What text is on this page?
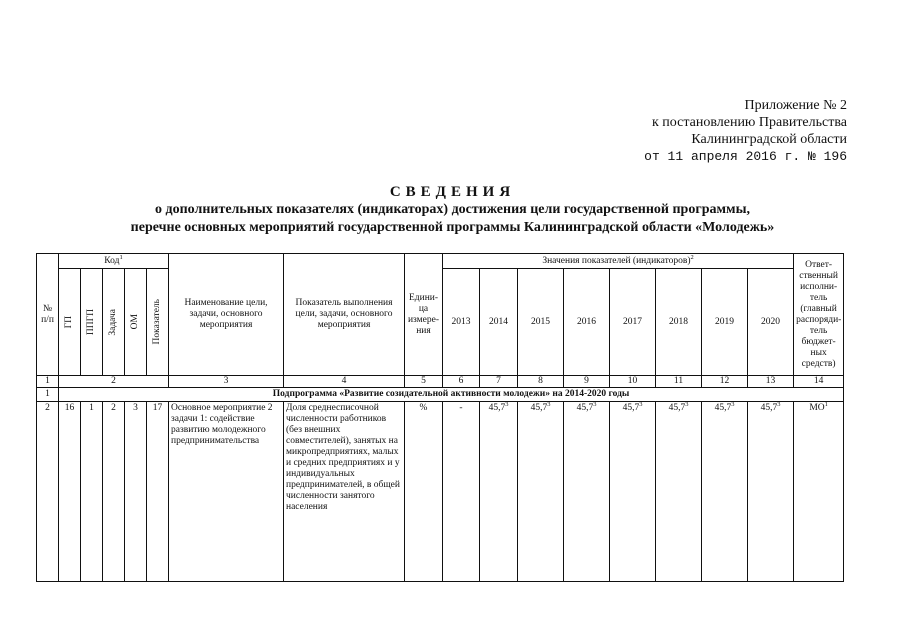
Приложение № 2
к постановлению Правительства
Калининградской области
от 11 апреля 2016 г. № 196
СВЕДЕНИЯ
о дополнительных показателях (индикаторах) достижения цели государственной программы,
перечне основных мероприятий государственной программы Калининградской области «Молодежь»
№ п/п	Код$^1$					Наименование цели, задачи, основного мероприятия	Показатель выполнения цели, задачи, основного мероприятия	Едини-ца измере-ния	Значения показателей (индикаторов)$^2$								Ответ-ственный исполни-тель (главный распоряди-тель бюджет-ных средств)

	ГП	ППГП	Задача	ОМ	Показатель				2013	2014	2015	2016	2017	2018	2019	2020	
1	2					3	4	5	6	7	8	9	10	11	12	13	14
1	Подпрограмма «Развитие созидательной активности молодежи» на 2014-2020 годы																
2	16	1	2	3	17	Основное мероприятие 2 задачи 1: содействие развитию молодежного предпринимательства	Доля среднесписочной численности работников (без внешних совместителей), занятых на микропредприятиях, малых и средних предприятиях и у индивидуальных предпринимателей, в общей численности занятого населения	%	-	45,7$^3$	45,7$^3$	45,7$^3$	45,7$^3$	45,7$^3$	45,7$^3$	45,7$^3$	$МО^1$
